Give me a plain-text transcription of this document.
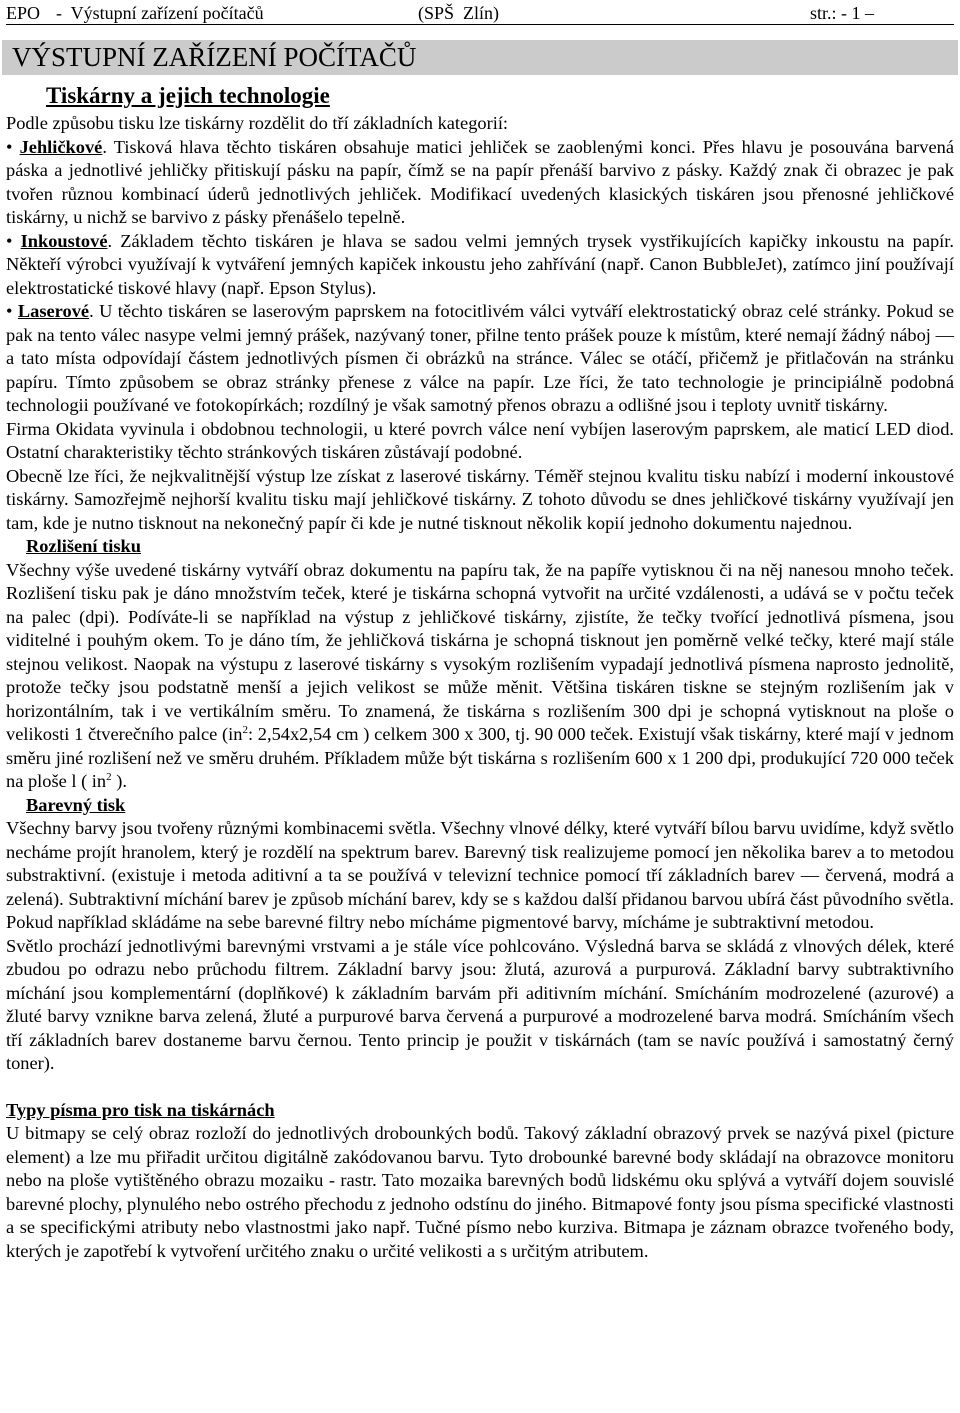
EPO -  Výstupní zařízení počítačů	(SPŠ  Zlín)	str.: - 1 –
VÝSTUPNÍ ZAŘÍZENÍ POČÍTAČŮ
Tiskárny a jejich technologie

Podle způsobu tisku lze tiskárny rozdělit do tří základních kategorií:

• Jehličkové. Tisková hlava těchto tiskáren obsahuje matici jehliček se zaoblenými konci. Přes hlavu je posouvána barvená páska a jednotlivé jehličky přitiskují pásku na papír, čímž se na papír přenáší barvivo z pásky. Každý znak či obrazec je pak tvořen různou kombinací úderů jednotlivých jehliček. Modifikací uvedených klasických tiskáren jsou přenosné jehličkové tiskárny, u nichž se barvivo z pásky přenášelo tepelně.

• Inkoustové. Základem těchto tiskáren je hlava se sadou velmi jemných trysek vystřikujících kapičky inkoustu na papír. Někteří výrobci využívají k vytváření jemných kapiček inkoustu jeho zahřívání (např. Canon BubbleJet), zatímco jiní používají elektrostatické tiskové hlavy (např. Epson Stylus).

• Laserové. U těchto tiskáren se laserovým paprskem na fotocitlivém válci vytváří elektrostatický obraz celé stránky. Pokud se pak na tento válec nasype velmi jemný prášek, nazývaný toner, přilne tento prášek pouze k místům, které nemají žádný náboj — a tato místa odpovídají částem jednotlivých písmen či obrázků na stránce. Válec se otáčí, přičemž je přitlačován na stránku papíru. Tímto způsobem se obraz stránky přenese z válce na papír. Lze říci, že tato technologie je principiálně podobná technologii používané ve fotokopírkách; rozdílný je však samotný přenos obrazu a odlišné jsou i teploty uvnitř tiskárny.

Firma Okidata vyvinula i obdobnou technologii, u které povrch válce není vybíjen laserovým paprskem, ale maticí LED diod. Ostatní charakteristiky těchto stránkových tiskáren zůstávají podobné.

Obecně lze říci, že nejkvalitnější výstup lze získat z laserové tiskárny. Téměř stejnou kvalitu tisku nabízí i moderní inkoustové tiskárny. Samozřejmě nejhorší kvalitu tisku mají jehličkové tiskárny. Z tohoto důvodu se dnes jehličkové tiskárny využívají jen tam, kde je nutno tisknout na nekonečný papír či kde je nutné tisknout několik kopií jednoho dokumentu najednou.

Rozlišení tisku

Všechny výše uvedené tiskárny vytváří obraz dokumentu na papíru tak, že na papíře vytisknou či na něj nanesou mnoho teček. Rozlišení tisku pak je dáno množstvím teček, které je tiskárna schopná vytvořit na určité vzdálenosti, a udává se v počtu teček na palec (dpi). Podíváte-li se například na výstup z jehličkové tiskárny, zjistíte, že tečky tvořící jednotlivá písmena, jsou viditelné i pouhým okem. To je dáno tím, že jehličková tiskárna je schopná tisknout jen poměrně velké tečky, které mají stále stejnou velikost. Naopak na výstupu z laserové tiskárny s vysokým rozlišením vypadají jednotlivá písmena naprosto jednolitě, protože tečky jsou podstatně menší a jejich velikost se může měnit. Většina tiskáren tiskne se stejným rozlišením jak v horizontálním, tak i ve vertikálním směru. To znamená, že tiskárna s rozlišením 300 dpi je schopná vytisknout na ploše o velikosti 1 čtverečního palce ($in^2$: 2,54x2,54 cm ) celkem 300 x 300, tj. 90 000 teček. Existují však tiskárny, které mají v jednom směru jiné rozlišení než ve směru druhém. Příkladem může být tiskárna s rozlišením 600 x 1 200 dpi, produkující 720 000 teček na ploše l ( $in^2$ ).

Barevný tisk

Všechny barvy jsou tvořeny různými kombinacemi světla. Všechny vlnové délky, které vytváří bílou barvu uvidíme, když světlo necháme projít hranolem, který je rozdělí na spektrum barev. Barevný tisk realizujeme pomocí jen několika barev a to metodou substraktivní. (existuje i metoda aditivní a ta se používá v televizní technice pomocí tří základních barev — červená, modrá a zelená). Subtraktivní míchání barev je způsob míchání barev, kdy se s každou další přidanou barvou ubírá část původního světla. Pokud například skládáme na sebe barevné filtry nebo mícháme pigmentové barvy, mícháme je subtraktivní metodou.

Světlo prochází jednotlivými barevnými vrstvami a je stále více pohlcováno. Výsledná barva se skládá z vlnových délek, které zbudou po odrazu nebo průchodu filtrem. Základní barvy jsou: žlutá, azurová a purpurová. Základní barvy subtraktivního míchání jsou komplementární (doplňkové) k základním barvám při aditivním míchání. Smícháním modrozelené (azurové) a žluté barvy vznikne barva zelená, žluté a purpurové barva červená a purpurové a modrozelené barva modrá. Smícháním všech tří základních barev dostaneme barvu černou. Tento princip je použit v tiskárnách (tam se navíc používá i samostatný černý toner).

Typy písma pro tisk na tiskárnách

U bitmapy se celý obraz rozloží do jednotlivých drobounkých bodů. Takový základní obrazový prvek se nazývá pixel (picture element) a lze mu přiřadit určitou digitálně zakódovanou barvu. Tyto drobounké barevné body skládají na obrazovce monitoru nebo na ploše vytištěného obrazu mozaiku - rastr. Tato mozaika barevných bodů lidskému oku splývá a vytváří dojem souvislé barevné plochy, plynulého nebo ostrého přechodu z jednoho odstínu do jiného. Bitmapové fonty jsou písma specifické vlastnosti a se specifickými atributy nebo vlastnostmi jako např. Tučné písmo nebo kurziva. Bitmapa je záznam obrazce tvořeného body, kterých je zapotřebí k vytvoření určitého znaku o určité velikosti a s určitým atributem.
